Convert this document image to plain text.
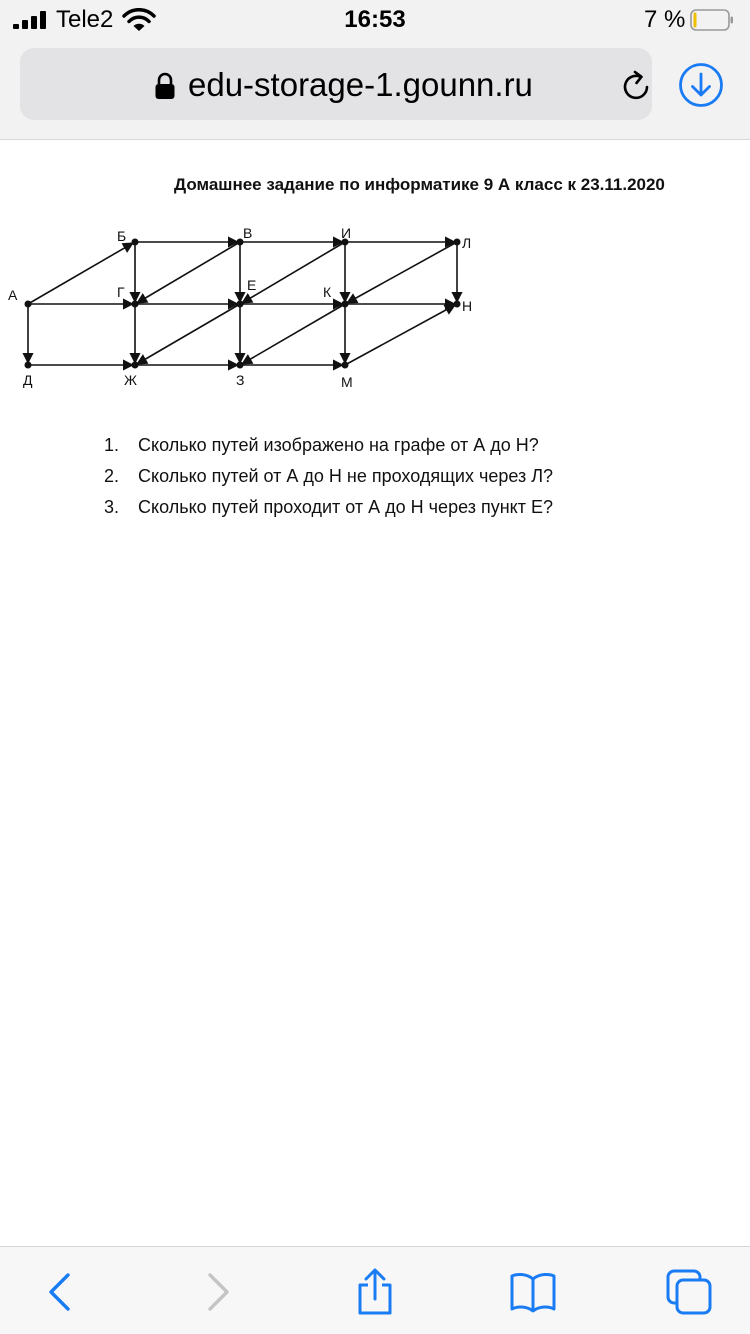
Tele2	16:53	7 %
edu-storage-1.gounn.ru
Домашнее задание по информатике 9 А класс к 23.11.2020
А
Б	В	И
Л
Г	Е	К
Н
Д	Ж	З	М
1. Сколько путей изображено на графе от А до Н?
2. Сколько путей от А до Н не проходящих через Л?
3. Сколько путей проходит от А до Н через пункт Е?
